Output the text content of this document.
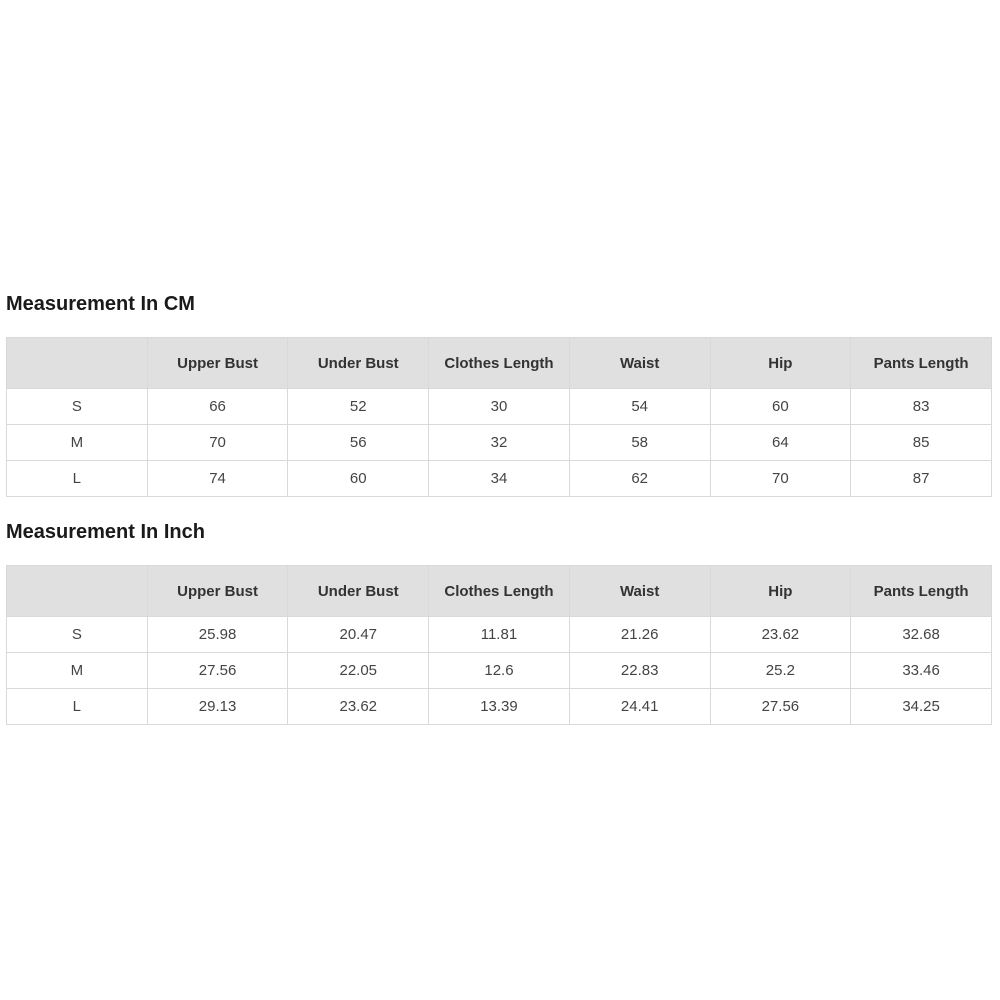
Measurement In CM
	Upper Bust	Under Bust	Clothes Length	Waist	Hip	Pants Length
S	66	52	30	54	60	83
M	70	56	32	58	64	85
L	74	60	34	62	70	87
Measurement In Inch
	Upper Bust	Under Bust	Clothes Length	Waist	Hip	Pants Length
S	25.98	20.47	11.81	21.26	23.62	32.68
M	27.56	22.05	12.6	22.83	25.2	33.46
L	29.13	23.62	13.39	24.41	27.56	34.25
